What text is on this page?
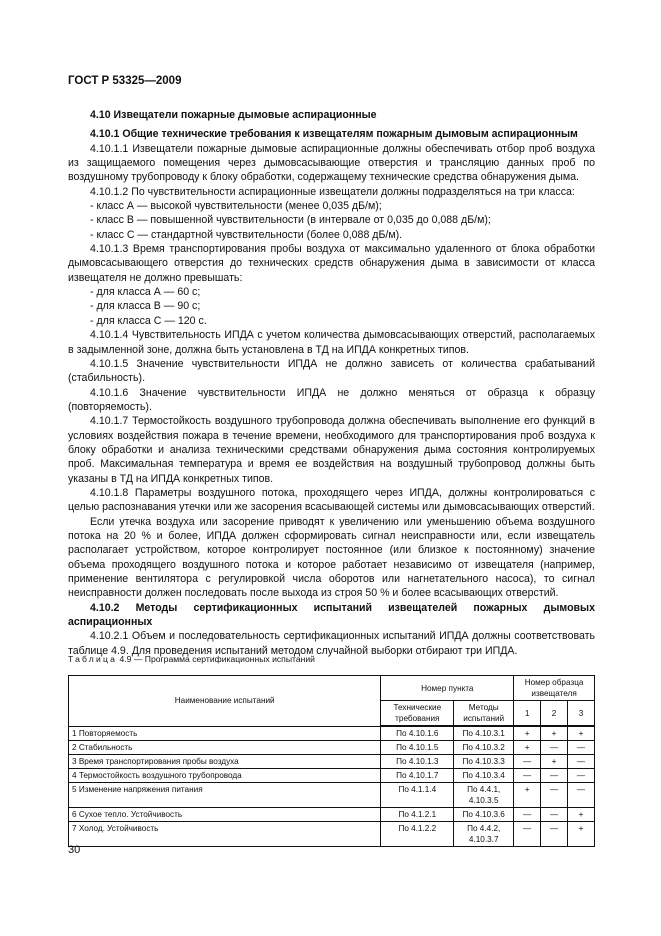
ГОСТ Р 53325—2009
4.10 Извещатели пожарные дымовые аспирационные
4.10.1 Общие технические требования к извещателям пожарным дымовым аспирационным

4.10.1.1 Извещатели пожарные дымовые аспирационные должны обеспечивать отбор проб воздуха из защищаемого помещения через дымовсасывающие отверстия и трансляцию данных проб по воздушному трубопроводу к блоку обработки, содержащему технические средства обнаружения дыма.

4.10.1.2 По чувствительности аспирационные извещатели должны подразделяться на три класса:

- класс А — высокой чувствительности (менее 0,035 дБ/м);

- класс В — повышенной чувствительности (в интервале от 0,035 до 0,088 дБ/м);

- класс С — стандартной чувствительности (более 0,088 дБ/м).

4.10.1.3 Время транспортирования пробы воздуха от максимально удаленного от блока обработки дымовсасывающего отверстия до технических средств обнаружения дыма в зависимости от класса извещателя не должно превышать:

- для класса А — 60 с;

- для класса В — 90 с;

- для класса С — 120 с.

4.10.1.4 Чувствительность ИПДА с учетом количества дымовсасывающих отверстий, располагаемых в задымленной зоне, должна быть установлена в ТД на ИПДА конкретных типов.

4.10.1.5 Значение чувствительности ИПДА не должно зависеть от количества срабатываний (стабильность).

4.10.1.6 Значение чувствительности ИПДА не должно меняться от образца к образцу (повторяемость).

4.10.1.7 Термостойкость воздушного трубопровода должна обеспечивать выполнение его функций в условиях воздействия пожара в течение времени, необходимого для транспортирования проб воздуха к блоку обработки и анализа техническими средствами обнаружения дыма состояния контролируемых проб. Максимальная температура и время ее воздействия на воздушный трубопровод должны быть указаны в ТД на ИПДА конкретных типов.

4.10.1.8 Параметры воздушного потока, проходящего через ИПДА, должны контролироваться с целью распознавания утечки или же засорения всасывающей системы или дымовсасывающих отверстий.

Если утечка воздуха или засорение приводят к увеличению или уменьшению объема воздушного потока на 20 % и более, ИПДА должен сформировать сигнал неисправности или, если извещатель располагает устройством, которое контролирует постоянное (или близкое к постоянному) значение объема проходящего воздушного потока и которое работает независимо от извещателя (например, применение вентилятора с регулировкой числа оборотов или нагнетательного насоса), то сигнал неисправности должен последовать после выхода из строя 50 % и более всасывающих отверстий.

4.10.2 Методы сертификационных испытаний извещателей пожарных дымовых аспирационных

4.10.2.1 Объем и последовательность сертификационных испытаний ИПДА должны соответствовать таблице 4.9. Для проведения испытаний методом случайной выборки отбирают три ИПДА.

Таблица 4.9 — Программа сертификационных испытаний
Наименование испытаний	Номер пункта		Номер образца извещателя		
	Технические требования	Методы испытаний	1	2	3
1 Повторяемость	По 4.10.1.6	По 4.10.3.1	+	+	+
2 Стабильность	По 4.10.1.5	По 4.10.3.2	+	—	—
3 Время транспортирования пробы воздуха	По 4.10.1.3	По 4.10.3.3	—	+	—
4 Термостойкость воздушного трубопровода	По 4.10.1.7	По 4.10.3.4	—	—	—
5 Изменение напряжения питания	По 4.1.1.4	По 4.4.1, 4.10.3.5	+	—	—
6 Сухое тепло. Устойчивость	По 4.1.2.1	По 4.10.3.6	—	—	+
7 Холод. Устойчивость	По 4.1.2.2	По 4.4.2, 4.10.3.7	—	—	+
30
